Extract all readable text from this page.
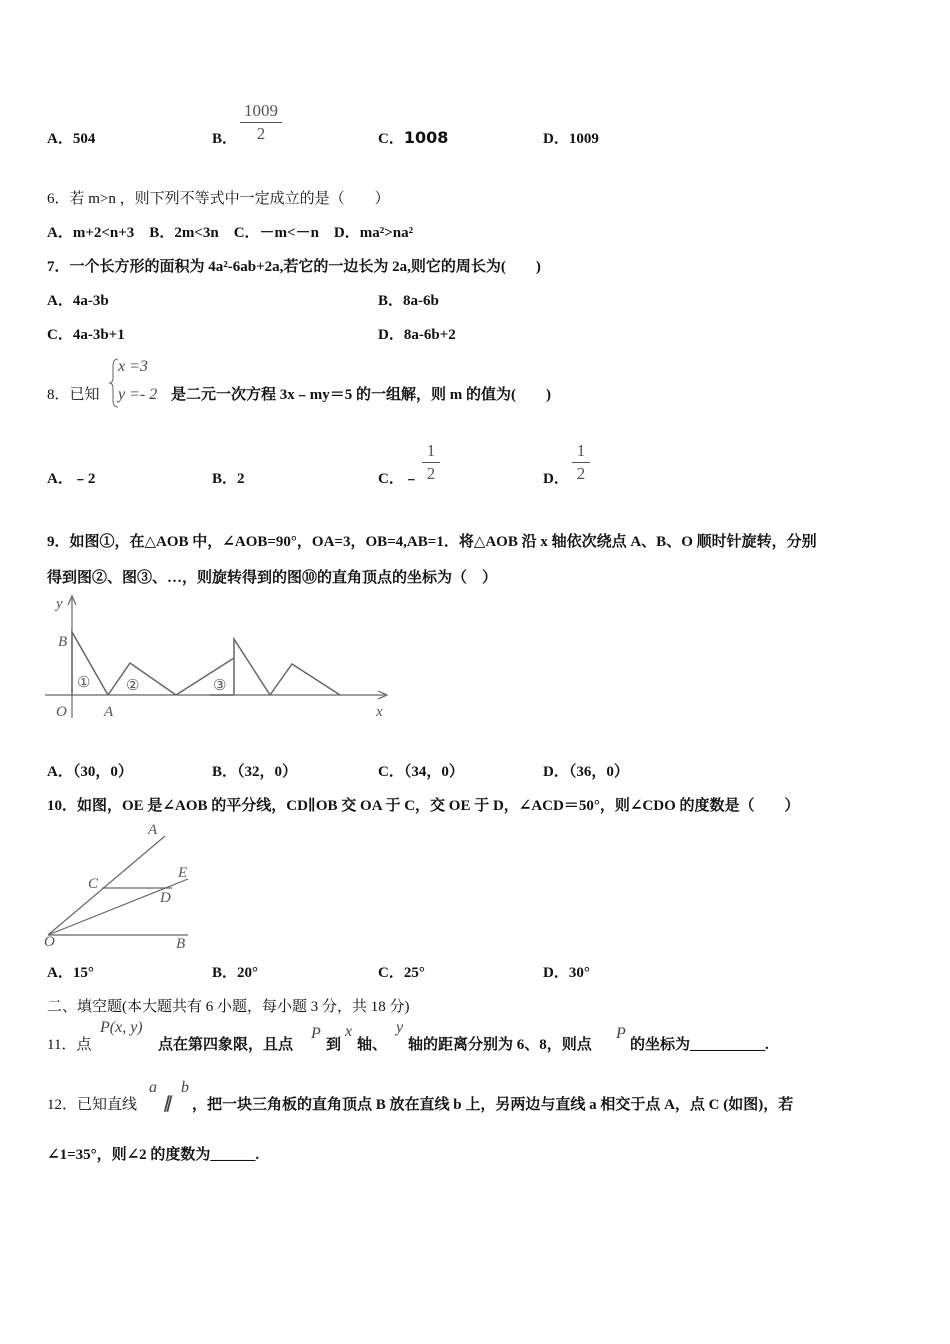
A．504	B．
1009
2	C．1008	D．1009
6．若 m>n ，则下列不等式中一定成立的是（　　）
A．m+2<n+3　B．2m<3n　C．－m<－n　D．ma²>na²
7．一个长方形的面积为 4a²-6ab+2a,若它的一边长为 2a,则它的周长为(　　)
A．4a-3b	B．8a-6b
C．4a-3b+1	D．8a-6b+2
8．已知
x =3
y =- 2 是二元一次方程 3x﹣my＝5 的一组解，则 m 的值为(　　)
A．﹣2	B．2	C．﹣
1
2	D．
1
2
9．如图①，在△AOB 中，∠AOB=90°，OA=3，OB=4,AB=1．将△AOB 沿 x 轴依次绕点 A、B、O 顺时针旋转，分别
得到图②、图③、…，则旋转得到的图⑩的直角顶点的坐标为（　）
y
x
B
O A
① ②	③
A．（30，0）	B．（32，0）	C．（34，0）	D．（36，0）
10．如图，OE 是∠AOB 的平分线，CD∥OB 交 OA 于 C，交 OE 于 D，∠ACD＝50°，则∠CDO 的度数是（　　）
A
E
C
D
O	B
A．15°	B．20°	C．25°	D．30°
二、填空题(本大题共有 6 小题，每小题 3 分，共 18 分)
11．点
P(x, y)
点在第四象限，且点
P
到
x
轴、
y
轴的距离分别为 6、8，则点
P
的坐标为__________.
12．已知直线
a
∥
b
，把一块三角板的直角顶点 B 放在直线 b 上，另两边与直线 a 相交于点 A，点 C (如图)，若
∠1=35°，则∠2 的度数为______.
